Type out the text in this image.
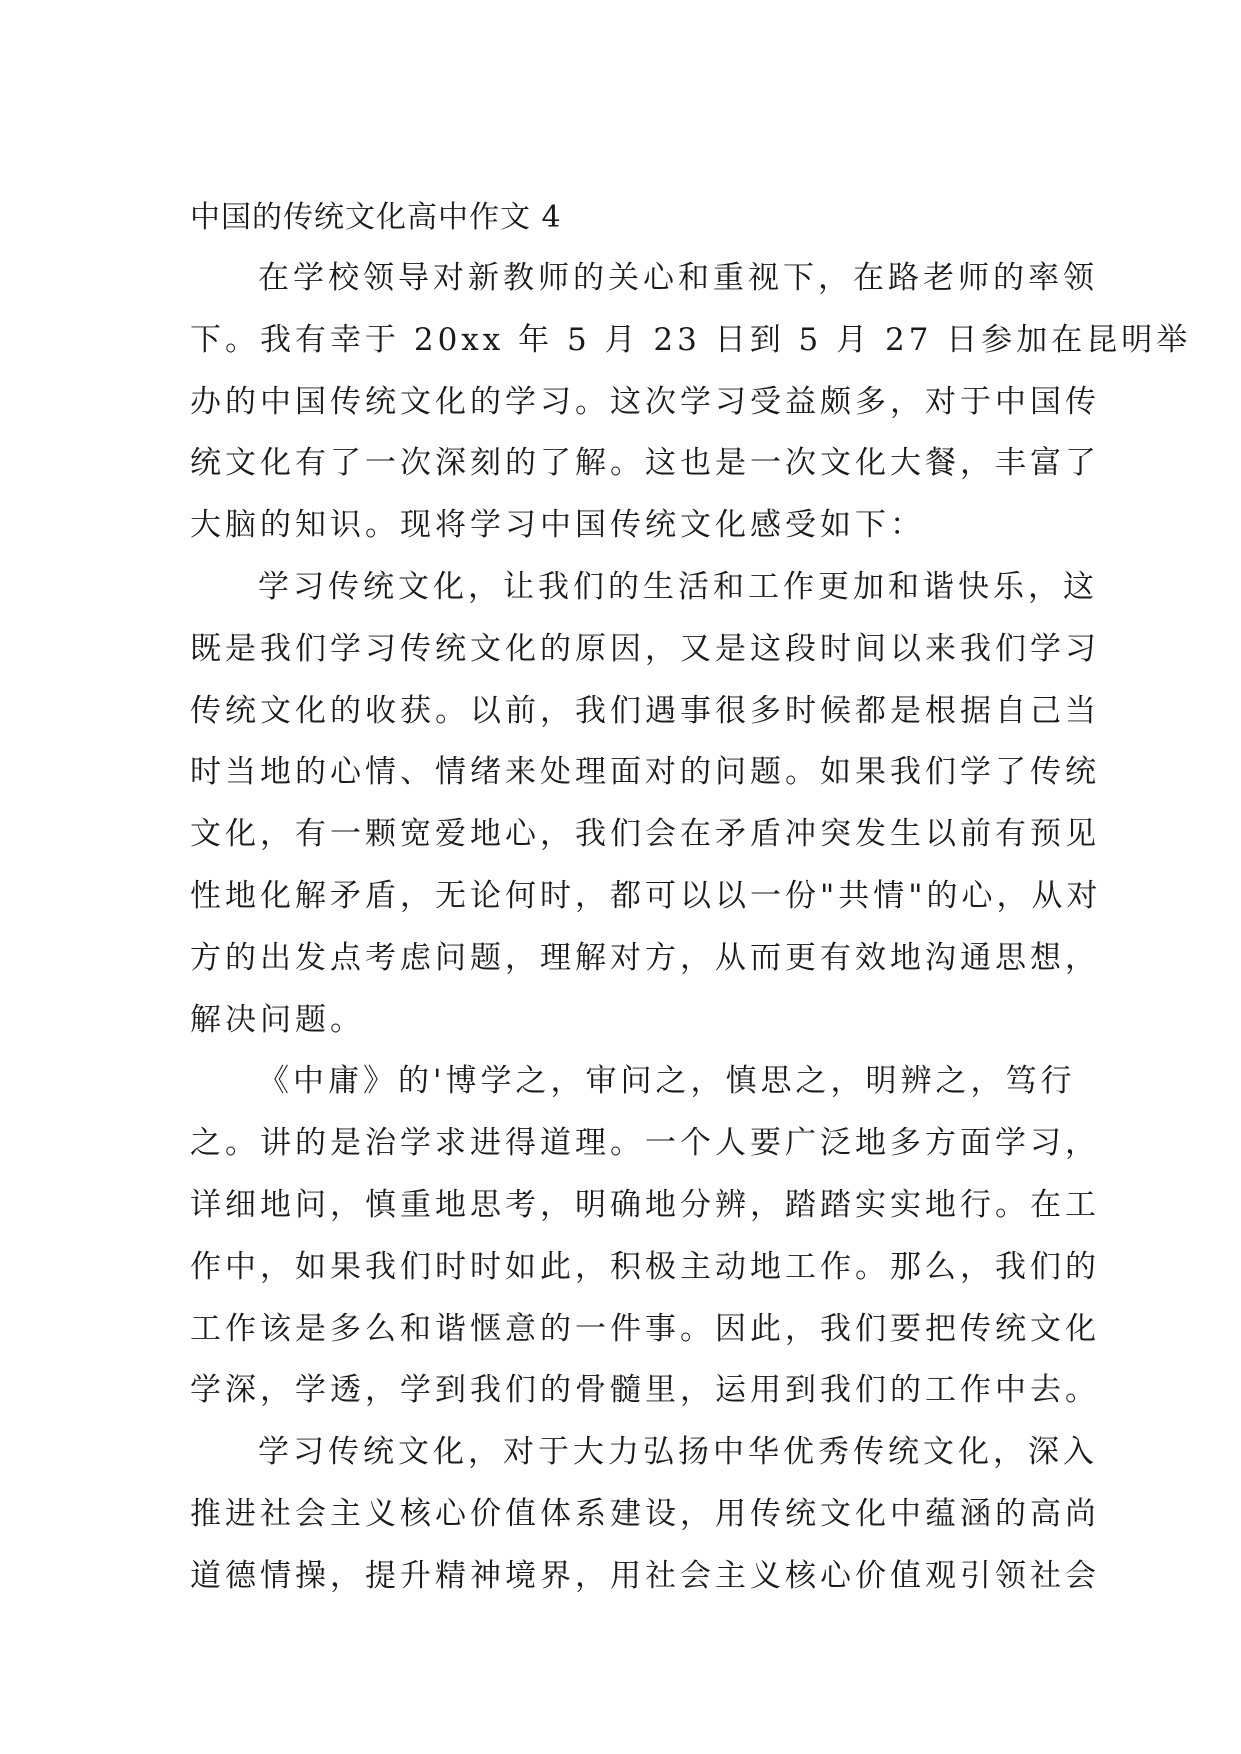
中国的传统文化高中作文 4
在学校领导对新教师的关心和重视下，在路老师的率领
下。我有幸于 20xx 年 5 月 23 日到 5 月 27 日参加在昆明举
办的中国传统文化的学习。这次学习受益颇多，对于中国传
统文化有了一次深刻的了解。这也是一次文化大餐，丰富了
大脑的知识。现将学习中国传统文化感受如下：
学习传统文化，让我们的生活和工作更加和谐快乐，这
既是我们学习传统文化的原因，又是这段时间以来我们学习
传统文化的收获。以前，我们遇事很多时候都是根据自己当
时当地的心情、情绪来处理面对的问题。如果我们学了传统
文化，有一颗宽爱地心，我们会在矛盾冲突发生以前有预见
性地化解矛盾，无论何时，都可以以一份"共情"的心，从对
方的出发点考虑问题，理解对方，从而更有效地沟通思想，
解决问题。
《中庸》的'博学之，审问之，慎思之，明辨之，笃行
之。讲的是治学求进得道理。一个人要广泛地多方面学习，
详细地问，慎重地思考，明确地分辨，踏踏实实地行。在工
作中，如果我们时时如此，积极主动地工作。那么，我们的
工作该是多么和谐惬意的一件事。因此，我们要把传统文化
学深，学透，学到我们的骨髓里，运用到我们的工作中去。
学习传统文化，对于大力弘扬中华优秀传统文化，深入
推进社会主义核心价值体系建设，用传统文化中蕴涵的高尚
道德情操，提升精神境界，用社会主义核心价值观引领社会
